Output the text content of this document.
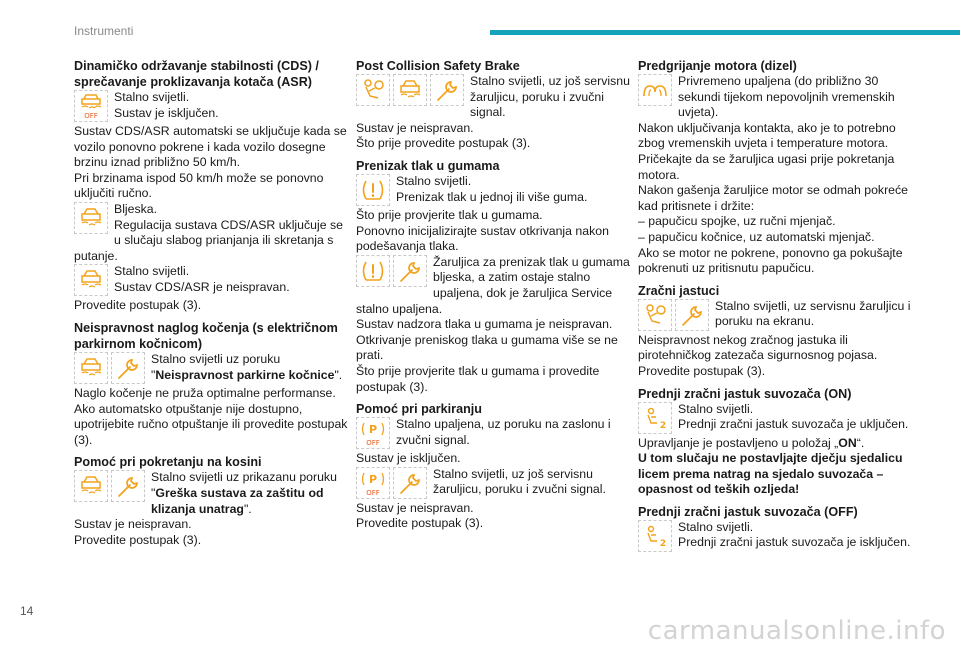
Instrumenti
Dinamičko održavanje stabilnosti (CDS) / sprečavanje proklizavanja kotača (ASR)

Stalno svijetli.

Sustav je isključen.

Sustav CDS/ASR automatski se uključuje kada se vozilo ponovno pokrene i kada vozilo dosegne brzinu iznad približno 50 km/h.

Pri brzinama ispod 50 km/h može se ponovno uključiti ručno.

Bljeska.

Regulacija sustava CDS/ASR uključuje se u slučaju slabog prianjanja ili skretanja s putanje.

Stalno svijetli.

Sustav CDS/ASR je neispravan.

Provedite postupak (3).

Neispravnost naglog kočenja (s električnom parkirnom kočnicom)

Stalno svijetli uz poruku "Neispravnost parkirne kočnice".

Naglo kočenje ne pruža optimalne performanse.

Ako automatsko otpuštanje nije dostupno, upotrijebite ručno otpuštanje ili provedite postupak (3).

Pomoć pri pokretanju na kosini

Stalno svijetli uz prikazanu poruku "Greška sustava za zaštitu od klizanja unatrag".

Sustav je neispravan.

Provedite postupak (3).

Post Collision Safety Brake

Stalno svijetli, uz još servisnu žaruljicu, poruku i zvučni signal.

Sustav je neispravan.

Što prije provedite postupak (3).

Prenizak tlak u gumama

Stalno svijetli.

Prenizak tlak u jednoj ili više guma.

Što prije provjerite tlak u gumama.

Ponovno inicijalizirajte sustav otkrivanja nakon podešavanja tlaka.

Žaruljica za prenizak tlak u gumama bljeska, a zatim ostaje stalno upaljena, dok je žaruljica Service stalno upaljena.

Sustav nadzora tlaka u gumama je neispravan.

Otkrivanje preniskog tlaka u gumama više se ne prati.

Što prije provjerite tlak u gumama i provedite postupak (3).

Pomoć pri parkiranju

Stalno upaljena, uz poruku na zaslonu i zvučni signal.

Sustav je isključen.

Stalno svijetli, uz još servisnu žaruljicu, poruku i zvučni signal.

Sustav je neispravan.

Provedite postupak (3).

Predgrijanje motora (dizel)

Privremeno upaljena (do približno 30 sekundi tijekom nepovoljnih vremenskih uvjeta).

Nakon uključivanja kontakta, ako je to potrebno zbog vremenskih uvjeta i temperature motora. Pričekajte da se žaruljica ugasi prije pokretanja motora.

Nakon gašenja žaruljice motor se odmah pokreće kad pritisnete i držite:

– papučicu spojke, uz ručni mjenjač.

– papučicu kočnice, uz automatski mjenjač.

Ako se motor ne pokrene, ponovno ga pokušajte pokrenuti uz pritisnutu papučicu.

Zračni jastuci

Stalno svijetli, uz servisnu žaruljicu i poruku na ekranu.

Neispravnost nekog zračnog jastuka ili pirotehničkog zatezača sigurnosnog pojasa.

Provedite postupak (3).

Prednji zračni jastuk suvozača (ON)

Stalno svijetli.

Prednji zračni jastuk suvozača je uključen.

Upravljanje je postavljeno u položaj „ON“.

U tom slučaju ne postavljajte dječju sjedalicu licem prema natrag na sjedalo suvozača – opasnost od teških ozljeda!

Prednji zračni jastuk suvozača (OFF)

Stalno svijetli.

Prednji zračni jastuk suvozača je isključen.

14
carmanualsonline.info
